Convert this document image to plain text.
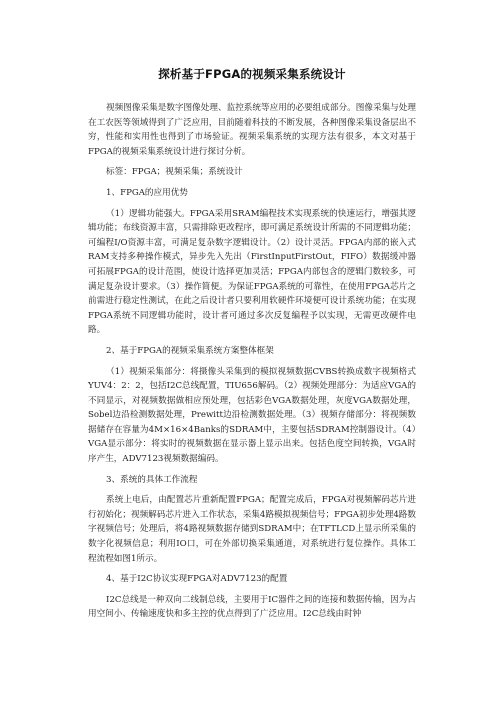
探析基于FPGA的视频采集系统设计

视频图像采集是数字图像处理、监控系统等应用的必要组成部分。图像采集与处理在工农医等领域得到了广泛应用，目前随着科技的不断发展，各种图像采集设备层出不穷，性能和实用性也得到了市场验证。视频采集系统的实现方法有很多，本文对基于FPGA的视频采集系统设计进行探讨分析。

标签：FPGA；视频采集；系统设计

1、FPGA的应用优势

（1）逻辑功能强大。FPGA采用SRAM编程技术实现系统的快速运行，增强其逻辑功能；布线资源丰富，只需排除更改程序，即可满足系统设计所需的不同逻辑功能；可编程I/O资源丰富，可满足复杂数字逻辑设计。（2）设计灵活。FPGA内部的嵌入式RAM支持多种操作模式，异步先入先出（FirstInputFirstOut，FIFO）数据缓冲器可拓展FPGA的设计范围，使设计选择更加灵活；FPGA内部包含的逻辑门数较多，可满足复杂设计要求。（3）操作简便。为保证FPGA系统的可靠性，在使用FPGA芯片之前需进行稳定性测试，在此之后设计者只要利用软硬件环境便可设计系统功能；在实现FPGA系统不同逻辑功能时，设计者可通过多次反复编程予以实现，无需更改硬件电路。

2、基于FPGA的视频采集系统方案整体框架

（1）视频采集部分：将摄像头采集到的模拟视频数据CVBS转换成数字视频格式YUV4：2：2，包括I2C总线配置，TIU656解码。（2）视频处理部分：为适应VGA的不同显示，对视频数据做相应预处理，包括彩色VGA数据处理，灰度VGA数据处理，Sobel边沿检测数据处理，Prewitt边沿检测数据处理。（3）视频存储部分：将视频数据储存在容量为4M×16×4Banks的SDRAM中，主要包括SDRAM控制器设计。（4）VGA显示部分：将实时的视频数据在显示器上显示出来。包括色度空间转换，VGA时序产生，ADV7123视频数据编码。

3、系统的具体工作流程

系统上电后，由配置芯片重新配置FPGA；配置完成后，FPGA对视频解码芯片进行初始化；视频解码芯片进入工作状态，采集4路模拟视频信号；FPGA初步处理4路数字视频信号；处理后，将4路视频数据存储到SDRAM中；在TFTLCD上显示所采集的数字化视频信息；利用IO口，可在外部切换采集通道，对系统进行复位操作。具体工程流程如图1所示。

4、基于I2C协议实现FPGA对ADV7123的配置

I2C总线是一种双向二线制总线，主要用于IC器件之间的连接和数据传输，因为占用空间小、传输速度快和多主控的优点得到了广泛应用。I2C总线由时钟
